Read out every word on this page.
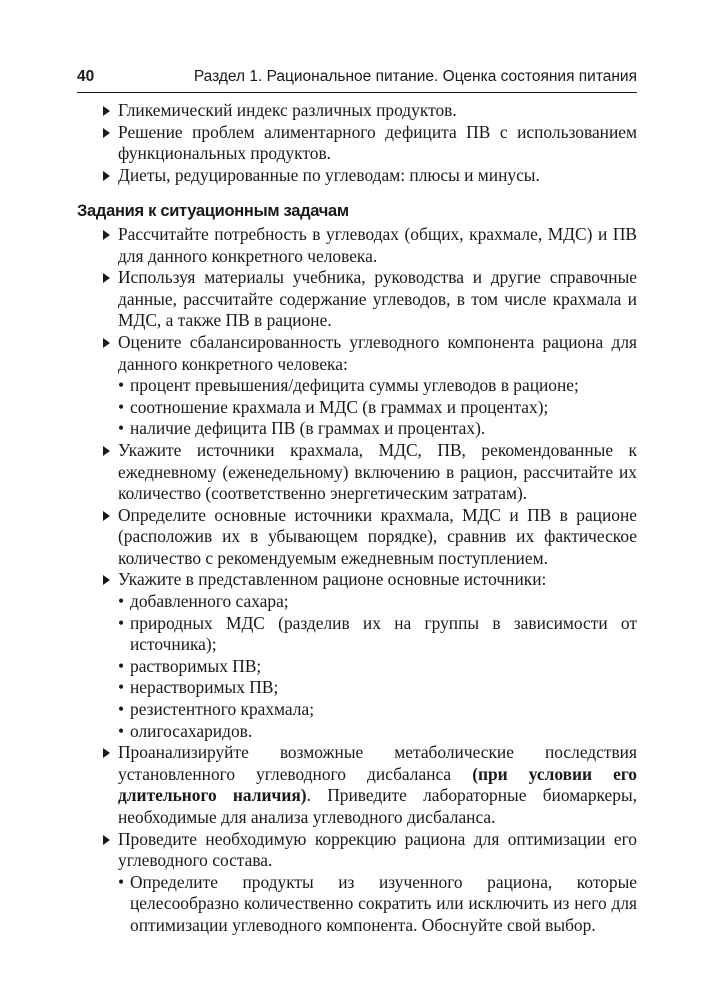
40	Раздел 1. Рациональное питание. Оценка состояния питания
Гликемический индекс различных продуктов.
Решение проблем алиментарного дефицита ПВ с использованием функциональных продуктов.
Диеты, редуцированные по углеводам: плюсы и минусы.
Задания к ситуационным задачам
Рассчитайте потребность в углеводах (общих, крахмале, МДС) и ПВ для данного конкретного человека.
Используя материалы учебника, руководства и другие справочные данные, рассчитайте содержание углеводов, в том числе крахмала и МДС, а также ПВ в рационе.
Оцените сбалансированность углеводного компонента рациона для данного конкретного человека:
• процент превышения/дефицита суммы углеводов в рационе;
• соотношение крахмала и МДС (в граммах и процентах);
• наличие дефицита ПВ (в граммах и процентах).
Укажите источники крахмала, МДС, ПВ, рекомендованные к ежедневному (еженедельному) включению в рацион, рассчитайте их количество (соответственно энергетическим затратам).
Определите основные источники крахмала, МДС и ПВ в рационе (расположив их в убывающем порядке), сравнив их фактическое количество с рекомендуемым ежедневным поступлением.
Укажите в представленном рационе основные источники:
• добавленного сахара;
• природных МДС (разделив их на группы в зависимости от источника);
• растворимых ПВ;
• нерастворимых ПВ;
• резистентного крахмала;
• олигосахаридов.
Проанализируйте возможные метаболические последствия установленного углеводного дисбаланса (при условии его длительного наличия). Приведите лабораторные биомаркеры, необходимые для анализа углеводного дисбаланса.
Проведите необходимую коррекцию рациона для оптимизации его углеводного состава.
• Определите продукты из изученного рациона, которые целесообразно количественно сократить или исключить из него для оптимизации углеводного компонента. Обоснуйте свой выбор.
